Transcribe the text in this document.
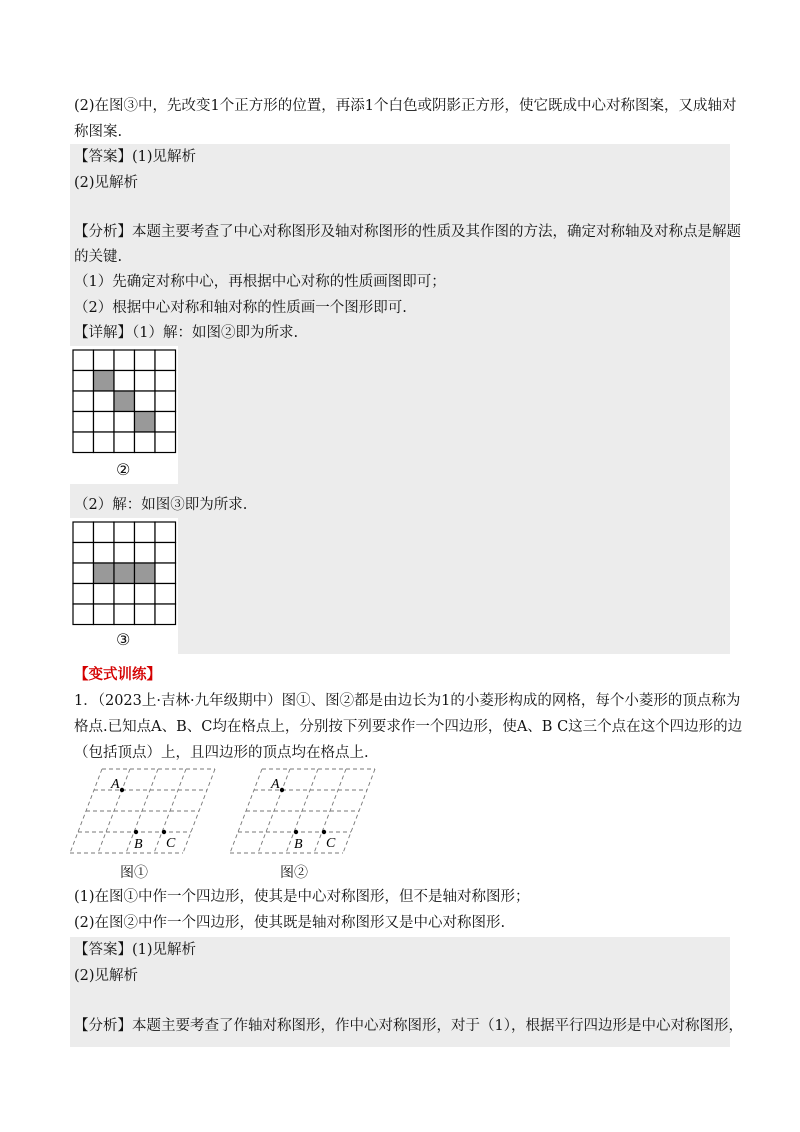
(2)在图③中，先改变1个正方形的位置，再添1个白色或阴影正方形，使它既成中心对称图案，又成轴对
称图案.
【答案】(1)见解析
(2)见解析
【分析】本题主要考查了中心对称图形及轴对称图形的性质及其作图的方法，确定对称轴及对称点是解题
的关键.
（1）先确定对称中心，再根据中心对称的性质画图即可；
（2）根据中心对称和轴对称的性质画一个图形即可.
【详解】（1）解：如图②即为所求.
②
（2）解：如图③即为所求.
③
【变式训练】
1．（2023上·吉林·九年级期中）图①、图②都是由边长为1的小菱形构成的网格，每个小菱形的顶点称为
格点.已知点A、B、C均在格点上，分别按下列要求作一个四边形，使A、B C这三个点在这个四边形的边
（包括顶点）上，且四边形的顶点均在格点上.
A
B C
图①
A
B C
图②
(1)在图①中作一个四边形，使其是中心对称图形，但不是轴对称图形；
(2)在图②中作一个四边形，使其既是轴对称图形又是中心对称图形.
【答案】(1)见解析
(2)见解析
【分析】本题主要考查了作轴对称图形，作中心对称图形，对于（1），根据平行四边形是中心对称图形，
